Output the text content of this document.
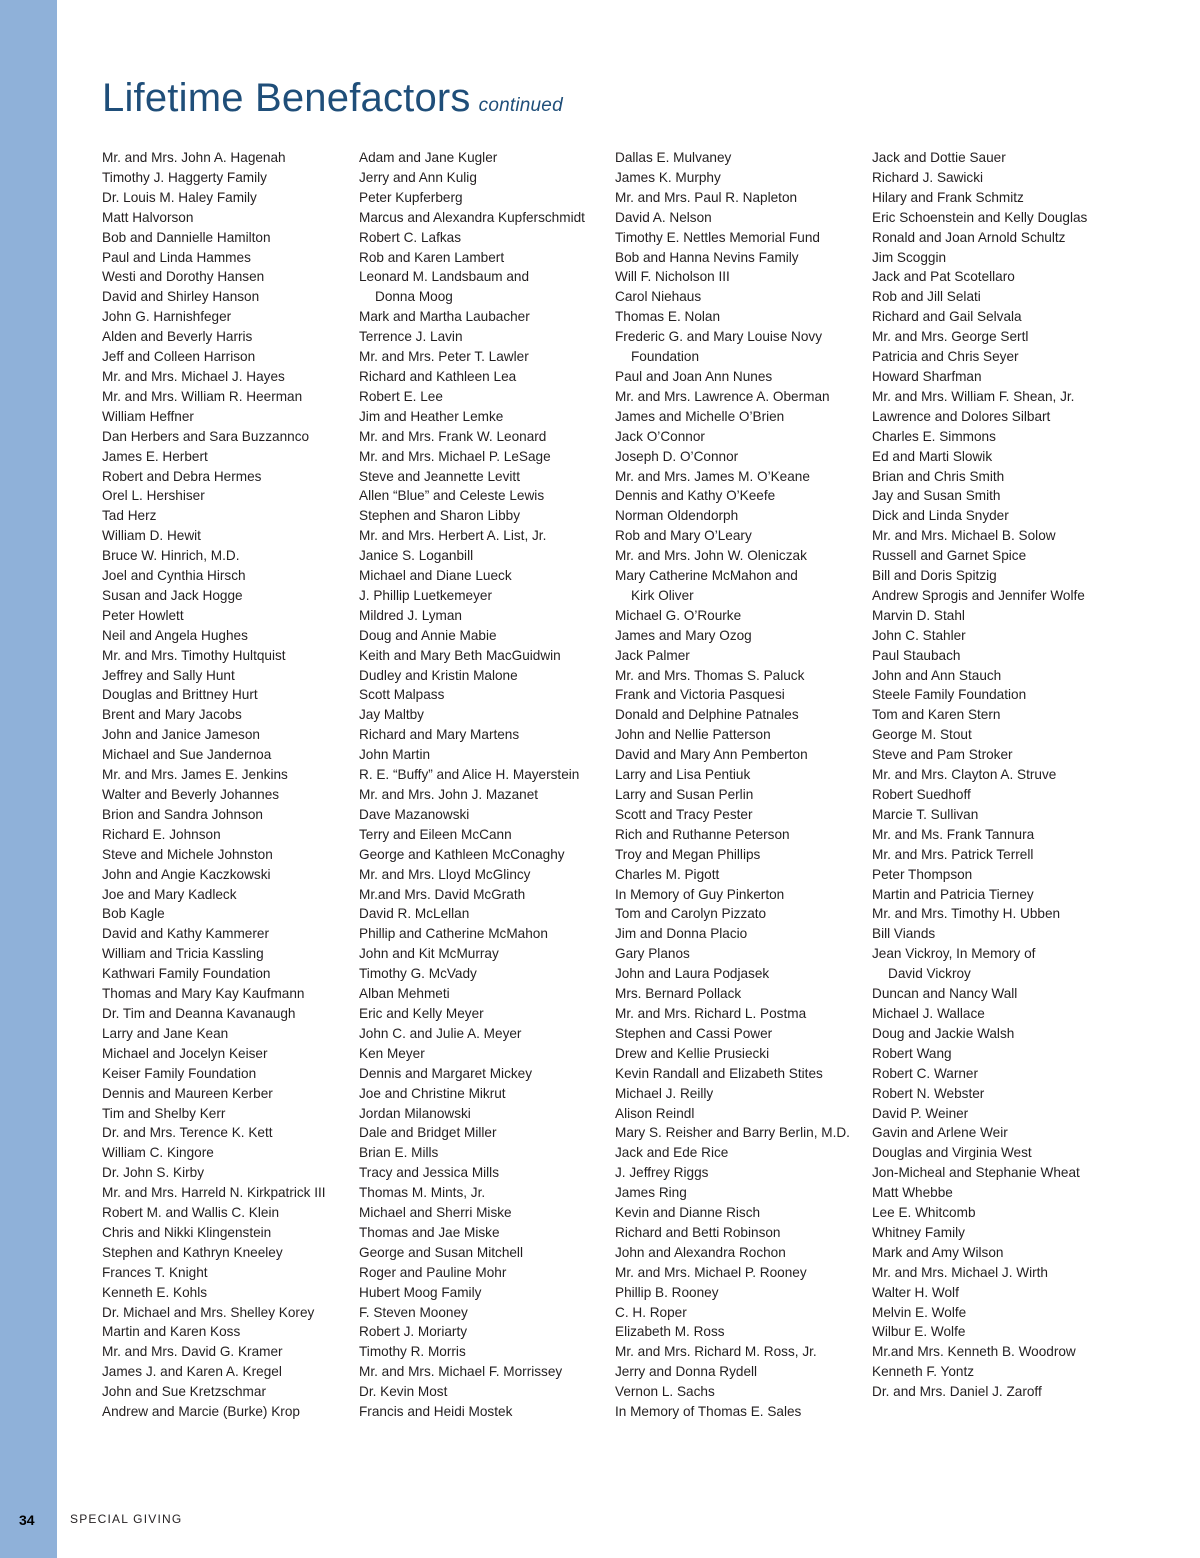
Lifetime Benefactors continued
Mr. and Mrs. John A. Hagenah
Timothy J. Haggerty Family
Dr. Louis M. Haley Family
Matt Halvorson
Bob and Dannielle Hamilton
Paul and Linda Hammes
Westi and Dorothy Hansen
David and Shirley Hanson
John G. Harnishfeger
Alden and Beverly Harris
Jeff and Colleen Harrison
Mr. and Mrs. Michael J. Hayes
Mr. and Mrs. William R. Heerman
William Heffner
Dan Herbers and Sara Buzzannco
James E. Herbert
Robert and Debra Hermes
Orel L. Hershiser
Tad Herz
William D. Hewit
Bruce W. Hinrich, M.D.
Joel and Cynthia Hirsch
Susan and Jack Hogge
Peter Howlett
Neil and Angela Hughes
Mr. and Mrs. Timothy Hultquist
Jeffrey and Sally Hunt
Douglas and Brittney Hurt
Brent and Mary Jacobs
John and Janice Jameson
Michael and Sue Jandernoa
Mr. and Mrs. James E. Jenkins
Walter and Beverly Johannes
Brion and Sandra Johnson
Richard E. Johnson
Steve and Michele Johnston
John and Angie Kaczkowski
Joe and Mary Kadleck
Bob Kagle
David and Kathy Kammerer
William and Tricia Kassling
Kathwari Family Foundation
Thomas and Mary Kay Kaufmann
Dr. Tim and Deanna Kavanaugh
Larry and Jane Kean
Michael and Jocelyn Keiser
Keiser Family Foundation
Dennis and Maureen Kerber
Tim and Shelby Kerr
Dr. and Mrs. Terence K. Kett
William C. Kingore
Dr. John S. Kirby
Mr. and Mrs. Harreld N. Kirkpatrick III
Robert M. and Wallis C. Klein
Chris and Nikki Klingenstein
Stephen and Kathryn Kneeley
Frances T. Knight
Kenneth E. Kohls
Dr. Michael and Mrs. Shelley Korey
Martin and Karen Koss
Mr. and Mrs. David G. Kramer
James J. and Karen A. Kregel
John and Sue Kretzschmar
Andrew and Marcie (Burke) Krop
Adam and Jane Kugler
Jerry and Ann Kulig
Peter Kupferberg
Marcus and Alexandra Kupferschmidt
Robert C. Lafkas
Rob and Karen Lambert
Leonard M. Landsbaum and
Donna Moog
Mark and Martha Laubacher
Terrence J. Lavin
Mr. and Mrs. Peter T. Lawler
Richard and Kathleen Lea
Robert E. Lee
Jim and Heather Lemke
Mr. and Mrs. Frank W. Leonard
Mr. and Mrs. Michael P. LeSage
Steve and Jeannette Levitt
Allen “Blue” and Celeste Lewis
Stephen and Sharon Libby
Mr. and Mrs. Herbert A. List, Jr.
Janice S. Loganbill
Michael and Diane Lueck
J. Phillip Luetkemeyer
Mildred J. Lyman
Doug and Annie Mabie
Keith and Mary Beth MacGuidwin
Dudley and Kristin Malone
Scott Malpass
Jay Maltby
Richard and Mary Martens
John Martin
R. E. “Buffy” and Alice H. Mayerstein
Mr. and Mrs. John J. Mazanet
Dave Mazanowski
Terry and Eileen McCann
George and Kathleen McConaghy
Mr. and Mrs. Lloyd McGlincy
Mr.and Mrs. David McGrath
David R. McLellan
Phillip and Catherine McMahon
John and Kit McMurray
Timothy G. McVady
Alban Mehmeti
Eric and Kelly Meyer
John C. and Julie A. Meyer
Ken Meyer
Dennis and Margaret Mickey
Joe and Christine Mikrut
Jordan Milanowski
Dale and Bridget Miller
Brian E. Mills
Tracy and Jessica Mills
Thomas M. Mints, Jr.
Michael and Sherri Miske
Thomas and Jae Miske
George and Susan Mitchell
Roger and Pauline Mohr
Hubert Moog Family
F. Steven Mooney
Robert J. Moriarty
Timothy R. Morris
Mr. and Mrs. Michael F. Morrissey
Dr. Kevin Most
Francis and Heidi Mostek
Dallas E. Mulvaney
James K. Murphy
Mr. and Mrs. Paul R. Napleton
David A. Nelson
Timothy E. Nettles Memorial Fund
Bob and Hanna Nevins Family
Will F. Nicholson III
Carol Niehaus
Thomas E. Nolan
Frederic G. and Mary Louise Novy
Foundation
Paul and Joan Ann Nunes
Mr. and Mrs. Lawrence A. Oberman
James and Michelle O’Brien
Jack O’Connor
Joseph D. O’Connor
Mr. and Mrs. James M. O’Keane
Dennis and Kathy O’Keefe
Norman Oldendorph
Rob and Mary O’Leary
Mr. and Mrs. John W. Oleniczak
Mary Catherine McMahon and
Kirk Oliver
Michael G. O’Rourke
James and Mary Ozog
Jack Palmer
Mr. and Mrs. Thomas S. Paluck
Frank and Victoria Pasquesi
Donald and Delphine Patnales
John and Nellie Patterson
David and Mary Ann Pemberton
Larry and Lisa Pentiuk
Larry and Susan Perlin
Scott and Tracy Pester
Rich and Ruthanne Peterson
Troy and Megan Phillips
Charles M. Pigott
In Memory of Guy Pinkerton
Tom and Carolyn Pizzato
Jim and Donna Placio
Gary Planos
John and Laura Podjasek
Mrs. Bernard Pollack
Mr. and Mrs. Richard L. Postma
Stephen and Cassi Power
Drew and Kellie Prusiecki
Kevin Randall and Elizabeth Stites
Michael J. Reilly
Alison Reindl
Mary S. Reisher and Barry Berlin, M.D.
Jack and Ede Rice
J. Jeffrey Riggs
James Ring
Kevin and Dianne Risch
Richard and Betti Robinson
John and Alexandra Rochon
Mr. and Mrs. Michael P. Rooney
Phillip B. Rooney
C. H. Roper
Elizabeth M. Ross
Mr. and Mrs. Richard M. Ross, Jr.
Jerry and Donna Rydell
Vernon L. Sachs
In Memory of Thomas E. Sales
Jack and Dottie Sauer
Richard J. Sawicki
Hilary and Frank Schmitz
Eric Schoenstein and Kelly Douglas
Ronald and Joan Arnold Schultz
Jim Scoggin
Jack and Pat Scotellaro
Rob and Jill Selati
Richard and Gail Selvala
Mr. and Mrs. George Sertl
Patricia and Chris Seyer
Howard Sharfman
Mr. and Mrs. William F. Shean, Jr.
Lawrence and Dolores Silbart
Charles E. Simmons
Ed and Marti Slowik
Brian and Chris Smith
Jay and Susan Smith
Dick and Linda Snyder
Mr. and Mrs. Michael B. Solow
Russell and Garnet Spice
Bill and Doris Spitzig
Andrew Sprogis and Jennifer Wolfe
Marvin D. Stahl
John C. Stahler
Paul Staubach
John and Ann Stauch
Steele Family Foundation
Tom and Karen Stern
George M. Stout
Steve and Pam Stroker
Mr. and Mrs. Clayton A. Struve
Robert Suedhoff
Marcie T. Sullivan
Mr. and Ms. Frank Tannura
Mr. and Mrs. Patrick Terrell
Peter Thompson
Martin and Patricia Tierney
Mr. and Mrs. Timothy H. Ubben
Bill Viands
Jean Vickroy, In Memory of
David Vickroy
Duncan and Nancy Wall
Michael J. Wallace
Doug and Jackie Walsh
Robert Wang
Robert C. Warner
Robert N. Webster
David P. Weiner
Gavin and Arlene Weir
Douglas and Virginia West
Jon-Micheal and Stephanie Wheat
Matt Whebbe
Lee E. Whitcomb
Whitney Family
Mark and Amy Wilson
Mr. and Mrs. Michael J. Wirth
Walter H. Wolf
Melvin E. Wolfe
Wilbur E. Wolfe
Mr.and Mrs. Kenneth B. Woodrow
Kenneth F. Yontz
Dr. and Mrs. Daniel J. Zaroff
34	SPECIAL GIVING
